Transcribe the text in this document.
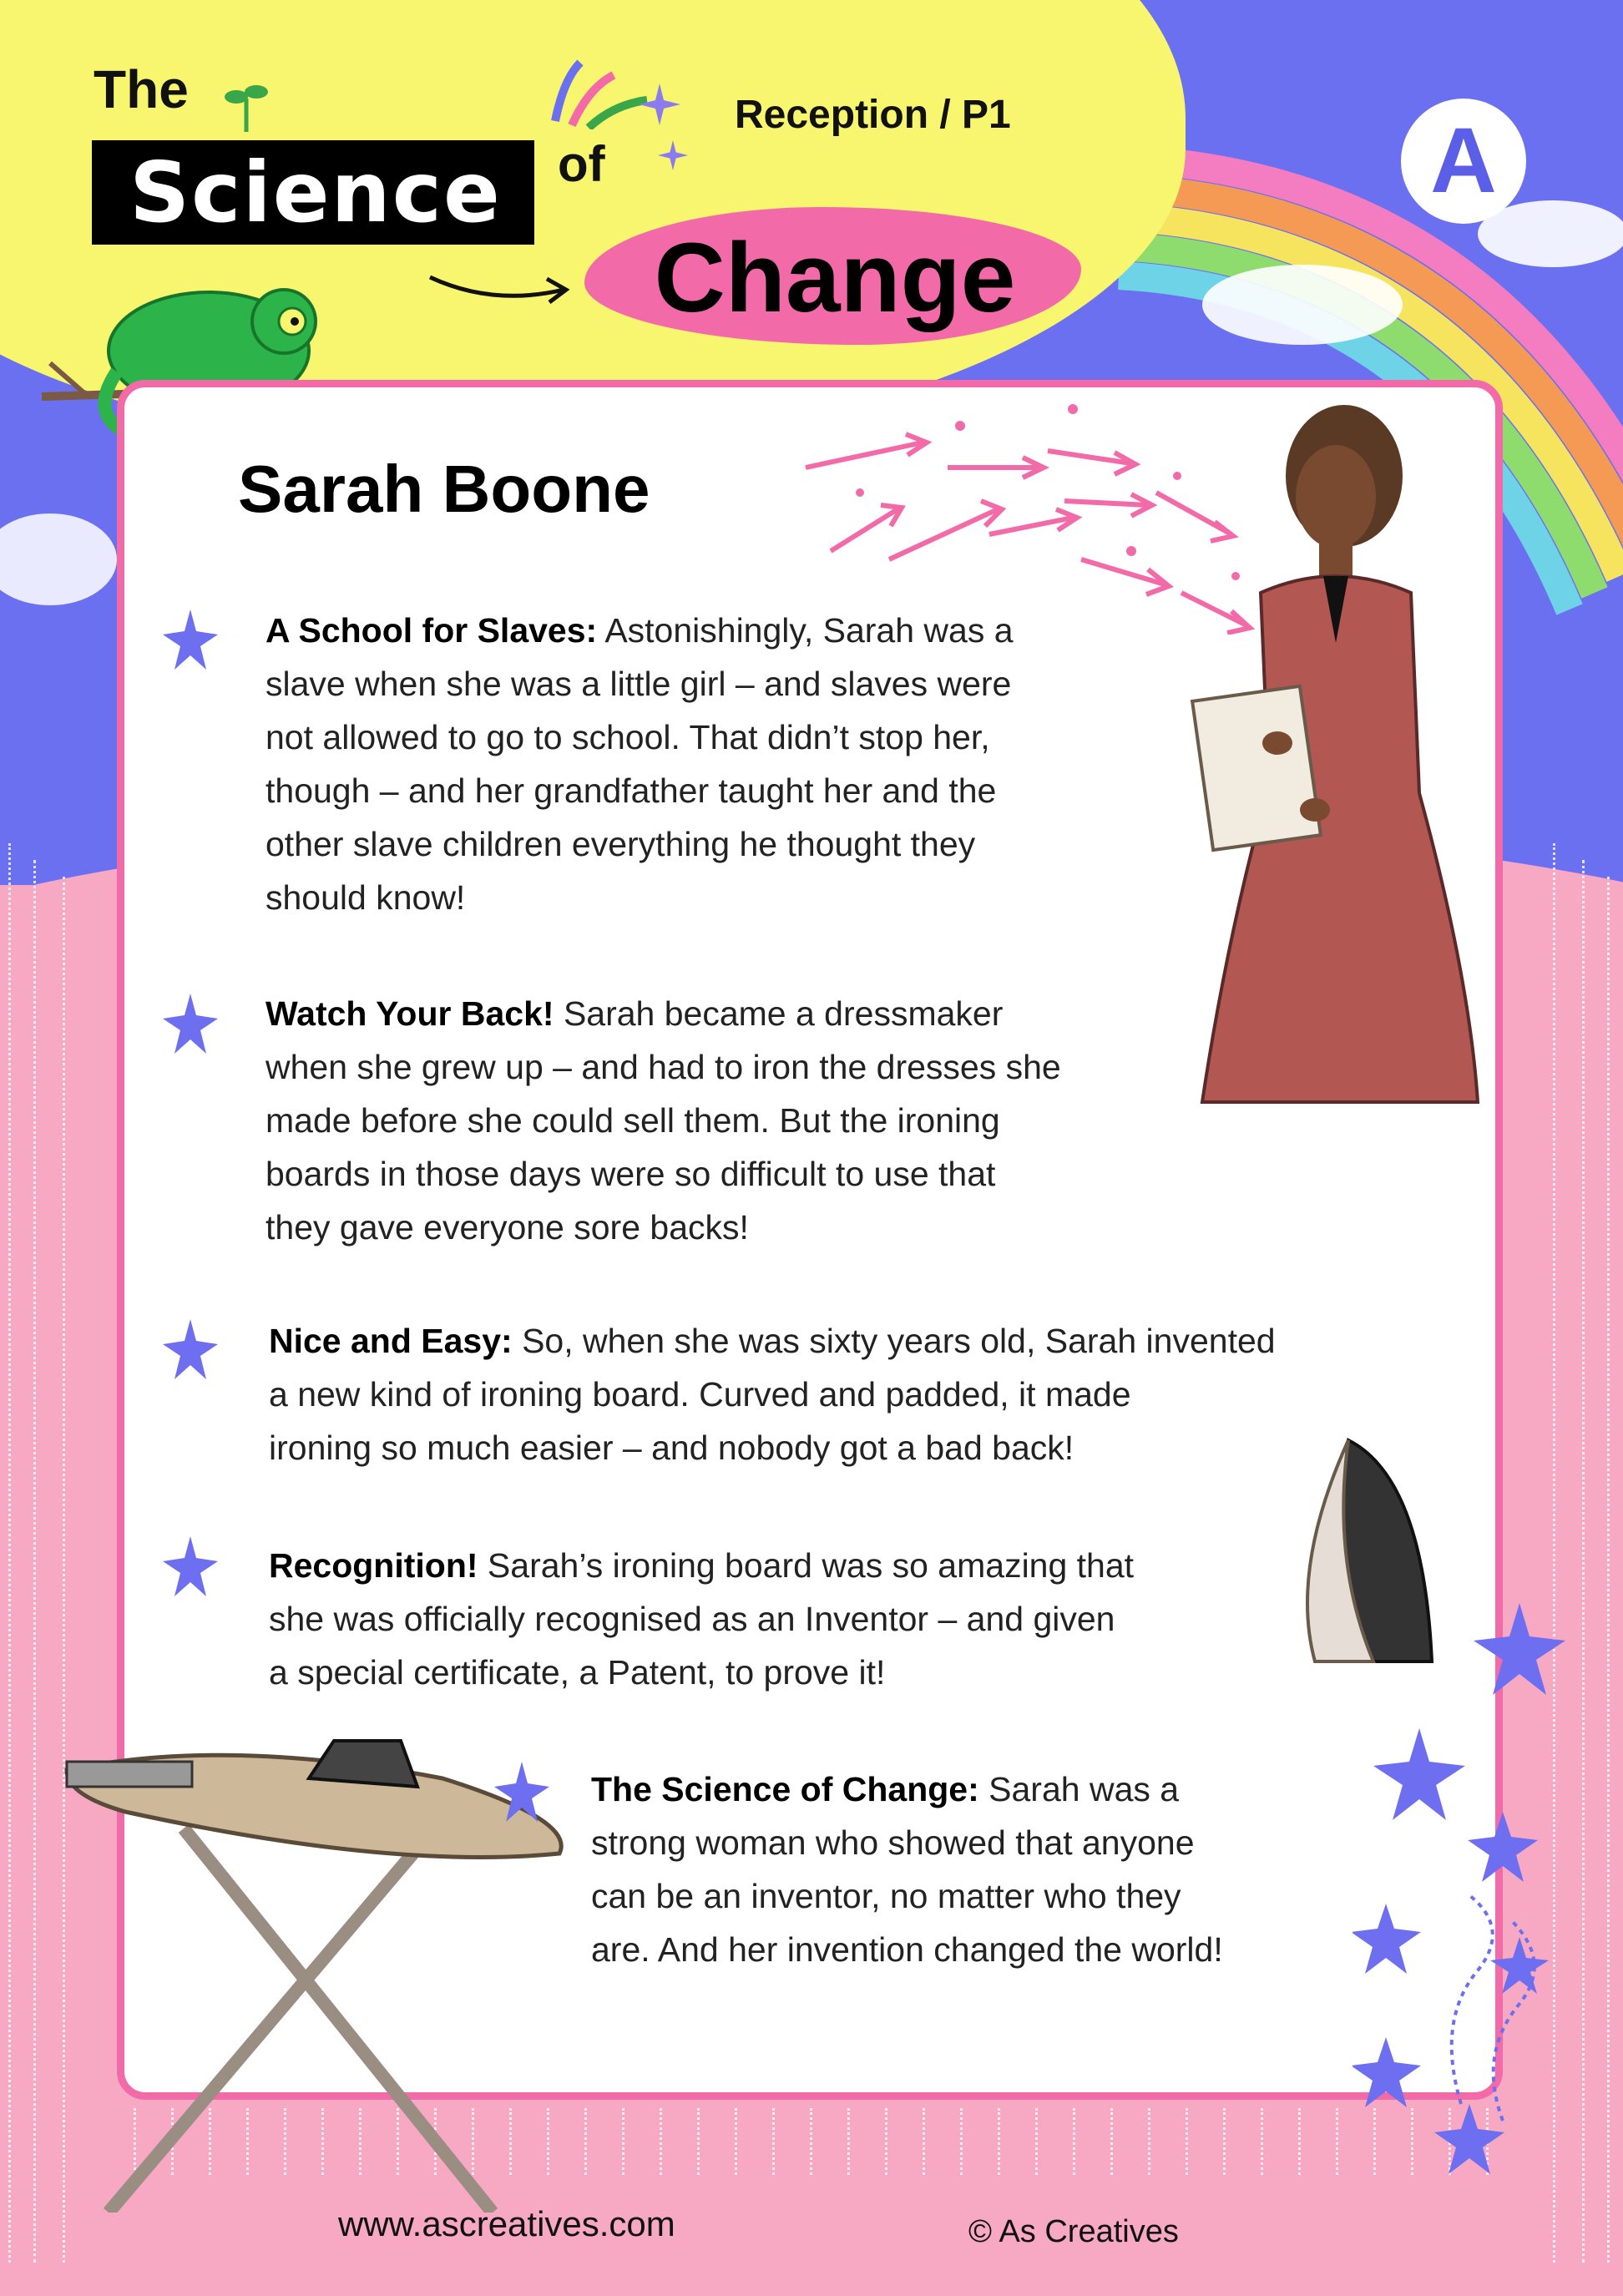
The
Science	of
Change
Reception / P1	A
Sarah Boone
A School for Slaves: Astonishingly, Sarah was a
slave when she was a little girl – and slaves were
not allowed to go to school. That didn’t stop her,
though – and her grandfather taught her and the
other slave children everything he thought they
should know!
Watch Your Back! Sarah became a dressmaker
when she grew up – and had to iron the dresses she
made before she could sell them. But the ironing
boards in those days were so difficult to use that
they gave everyone sore backs!
Nice and Easy: So, when she was sixty years old, Sarah invented
a new kind of ironing board. Curved and padded, it made
ironing so much easier – and nobody got a bad back!
Recognition! Sarah’s ironing board was so amazing that
she was officially recognised as an Inventor – and given
a special certificate, a Patent, to prove it!
The Science of Change: Sarah was a
strong woman who showed that anyone
can be an inventor, no matter who they
are. And her invention changed the world!
www.ascreatives.com	© As Creatives
